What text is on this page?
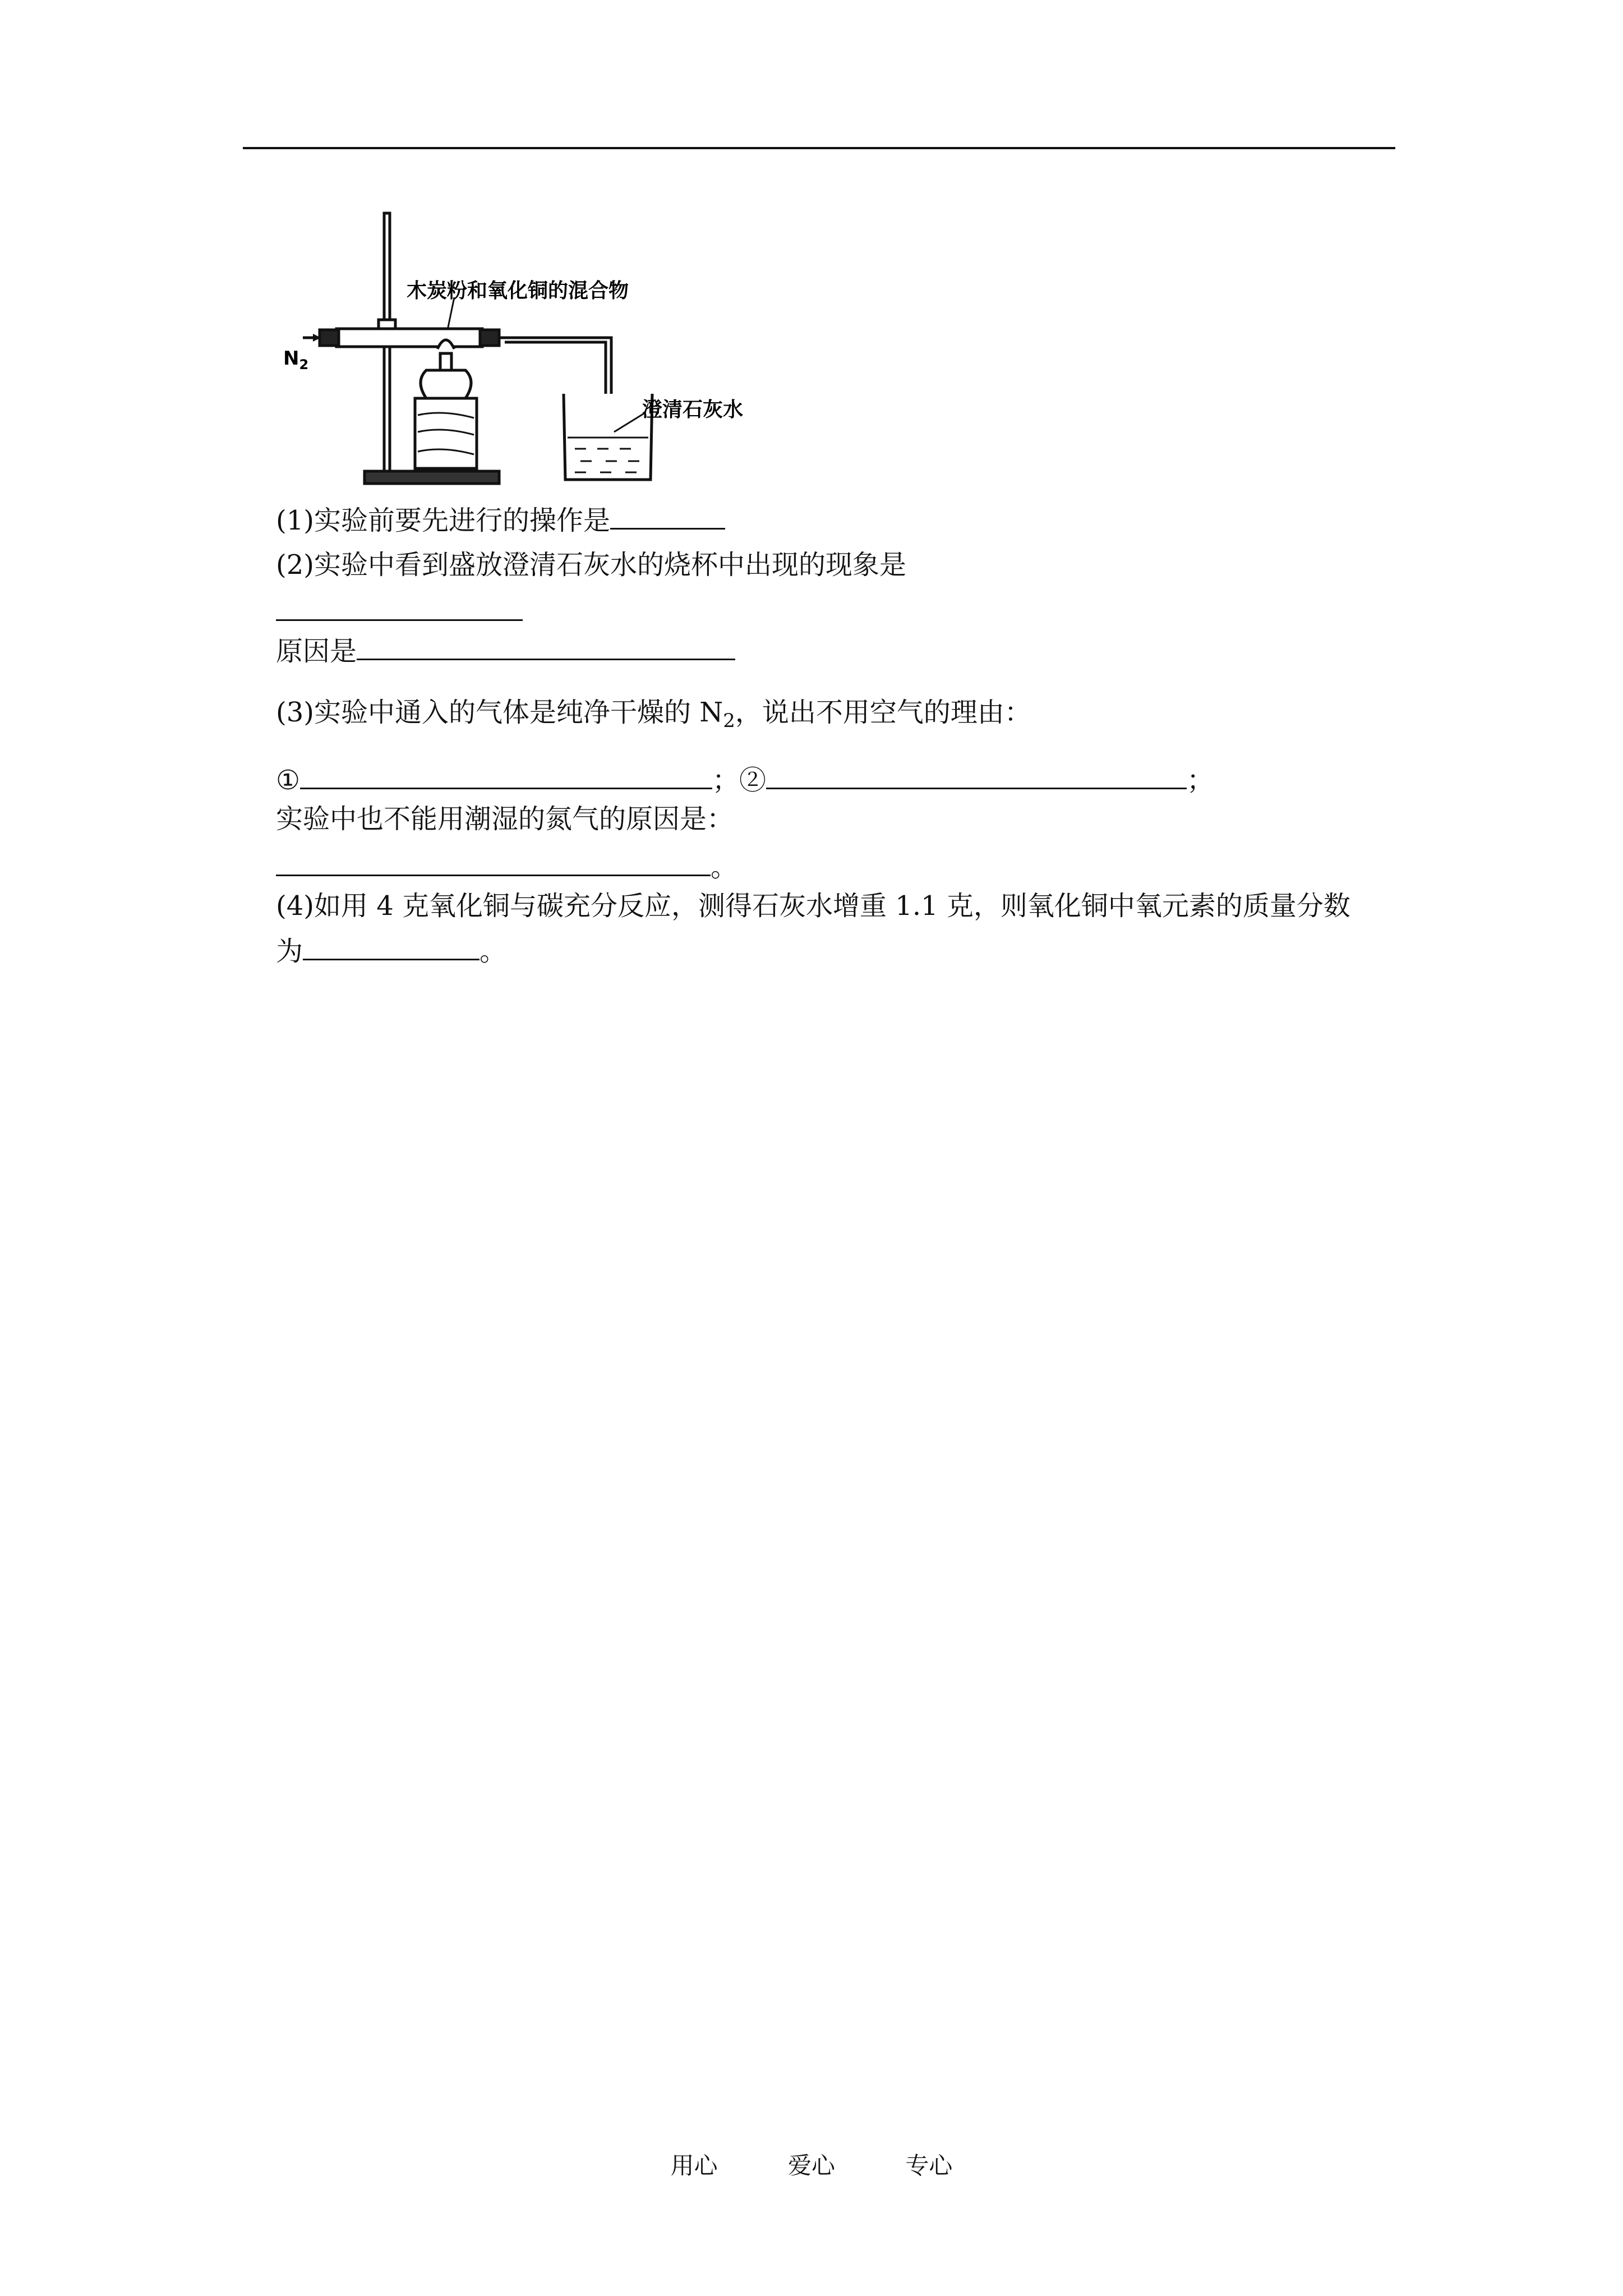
木炭粉和氧化铜的混合物
$N_2$
澄清石灰水
(1)实验前要先进行的操作是
(2)实验中看到盛放澄清石灰水的烧杯中出现的现象是
原因是
(3)实验中通入的气体是纯净干燥的 $N_2$，说出不用空气的理由：
①	；②	；
实验中也不能用潮湿的氮气的原因是：
。
(4)如用 4 克氧化铜与碳充分反应，测得石灰水增重 1.1 克，则氧化铜中氧元素的质量分数
为	。
用心	爱心	专心
